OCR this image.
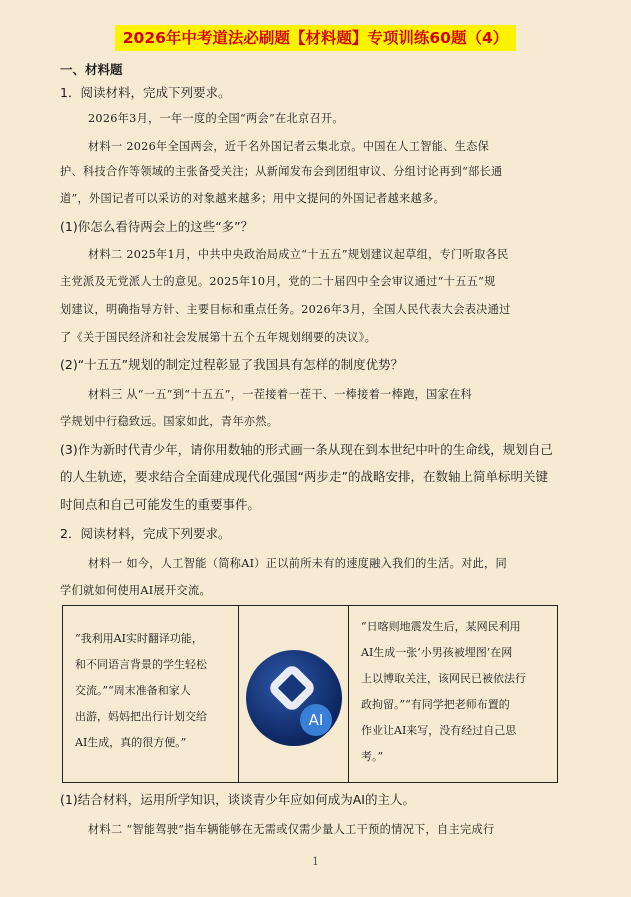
2026年中考道法必刷题【材料题】专项训练60题（4）
一、材料题
1．阅读材料，完成下列要求。
2026年3月，一年一度的全国“两会”在北京召开。
材料一 2026年全国两会，近千名外国记者云集北京。中国在人工智能、生态保
护、科技合作等领域的主张备受关注；从新闻发布会到团组审议、分组讨论再到“部长通
道”，外国记者可以采访的对象越来越多；用中文提问的外国记者越来越多。
(1)你怎么看待两会上的这些“多”？
材料二 2025年1月，中共中央政治局成立“十五五”规划建议起草组，专门听取各民
主党派及无党派人士的意见。2025年10月，党的二十届四中全会审议通过“十五五”规
划建议，明确指导方针、主要目标和重点任务。2026年3月，全国人民代表大会表决通过
了《关于国民经济和社会发展第十五个五年规划纲要的决议》。
(2)“十五五”规划的制定过程彰显了我国具有怎样的制度优势？
材料三 从“一五”到“十五五”，一茬接着一茬干、一棒接着一棒跑，国家在科
学规划中行稳致远。国家如此，青年亦然。
(3)作为新时代青少年，请你用数轴的形式画一条从现在到本世纪中叶的生命线，规划自己
的人生轨迹，要求结合全面建成现代化强国“两步走”的战略安排，在数轴上简单标明关键
时间点和自己可能发生的重要事件。
2．阅读材料，完成下列要求。
材料一 如今，人工智能（简称AI）正以前所未有的速度融入我们的生活。对此，同
学们就如何使用AI展开交流。
“我利用AI实时翻译功能，
和不同语言背景的学生轻松
交流。”“周末准备和家人
出游，妈妈把出行计划交给
AI生成，真的很方便。”
AI
“日喀则地震发生后，某网民利用
AI生成一张‘小男孩被埋图’在网
上以博取关注，该网民已被依法行
政拘留。”“有同学把老师布置的
作业让AI来写，没有经过自己思
考。”
(1)结合材料，运用所学知识，谈谈青少年应如何成为AI的主人。
材料二 “智能驾驶”指车辆能够在无需或仅需少量人工干预的情况下，自主完成行
1
